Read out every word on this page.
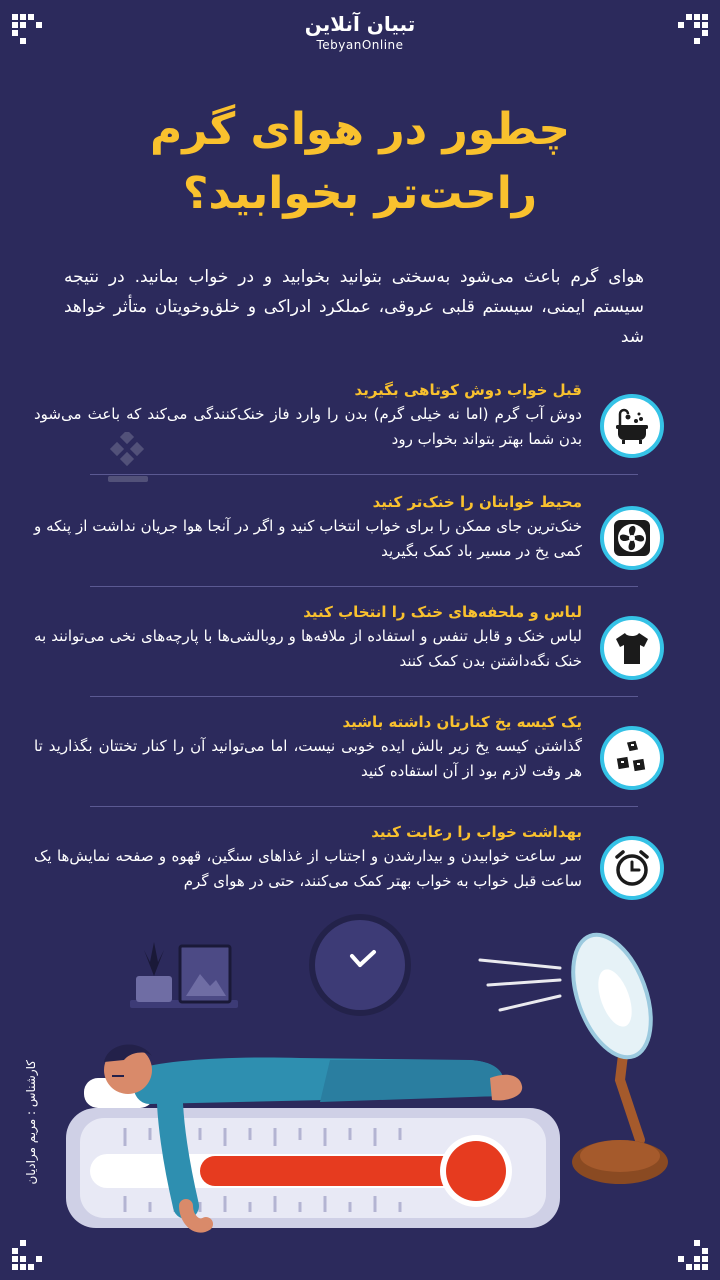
تبیان آنلاین
TebyanOnline
چطور در هوای گرم
راحت‌تر بخوابید؟
هوای گرم باعث می‌شود به‌سختی بتوانید بخوابید و در خواب بمانید. در نتیجه سیستم ایمنی، سیستم قلبی عروقی، عملکرد ادراکی و خلق‌وخویتان متأثر خواهد شد
قبل خواب دوش کوتاهی بگیرید
دوش آب گرم (اما نه خیلی گرم) بدن را وارد فاز خنک‌کنندگی می‌کند که باعث می‌شود بدن شما بهتر بتواند بخواب رود
محیط خوابتان را خنک‌تر کنید
خنک‌ترین جای ممکن را برای خواب انتخاب کنید و اگر در آنجا هوا جریان نداشت از پنکه و کمی یخ در مسیر باد کمک بگیرید
لباس و ملحفه‌های خنک را انتخاب کنید
لباس خنک و قابل تنفس و استفاده از ملافه‌ها و روبالشی‌ها با پارچه‌های نخی می‌توانند به خنک نگه‌داشتن بدن کمک کنند
یک کیسه یخ کنارتان داشته باشید
گذاشتن کیسه یخ زیر بالش ایده خوبی نیست، اما می‌توانید آن را کنار تختتان بگذارید تا هر وقت لازم بود از آن استفاده کنید
بهداشت خواب را رعایت کنید
سر ساعت خوابیدن و بیدارشدن و اجتناب از غذاهای سنگین، قهوه و صفحه نمایش‌ها یک ساعت قبل خواب به خواب بهتر کمک می‌کنند، حتی در هوای گرم
کارشناس : مریم مرادیان
